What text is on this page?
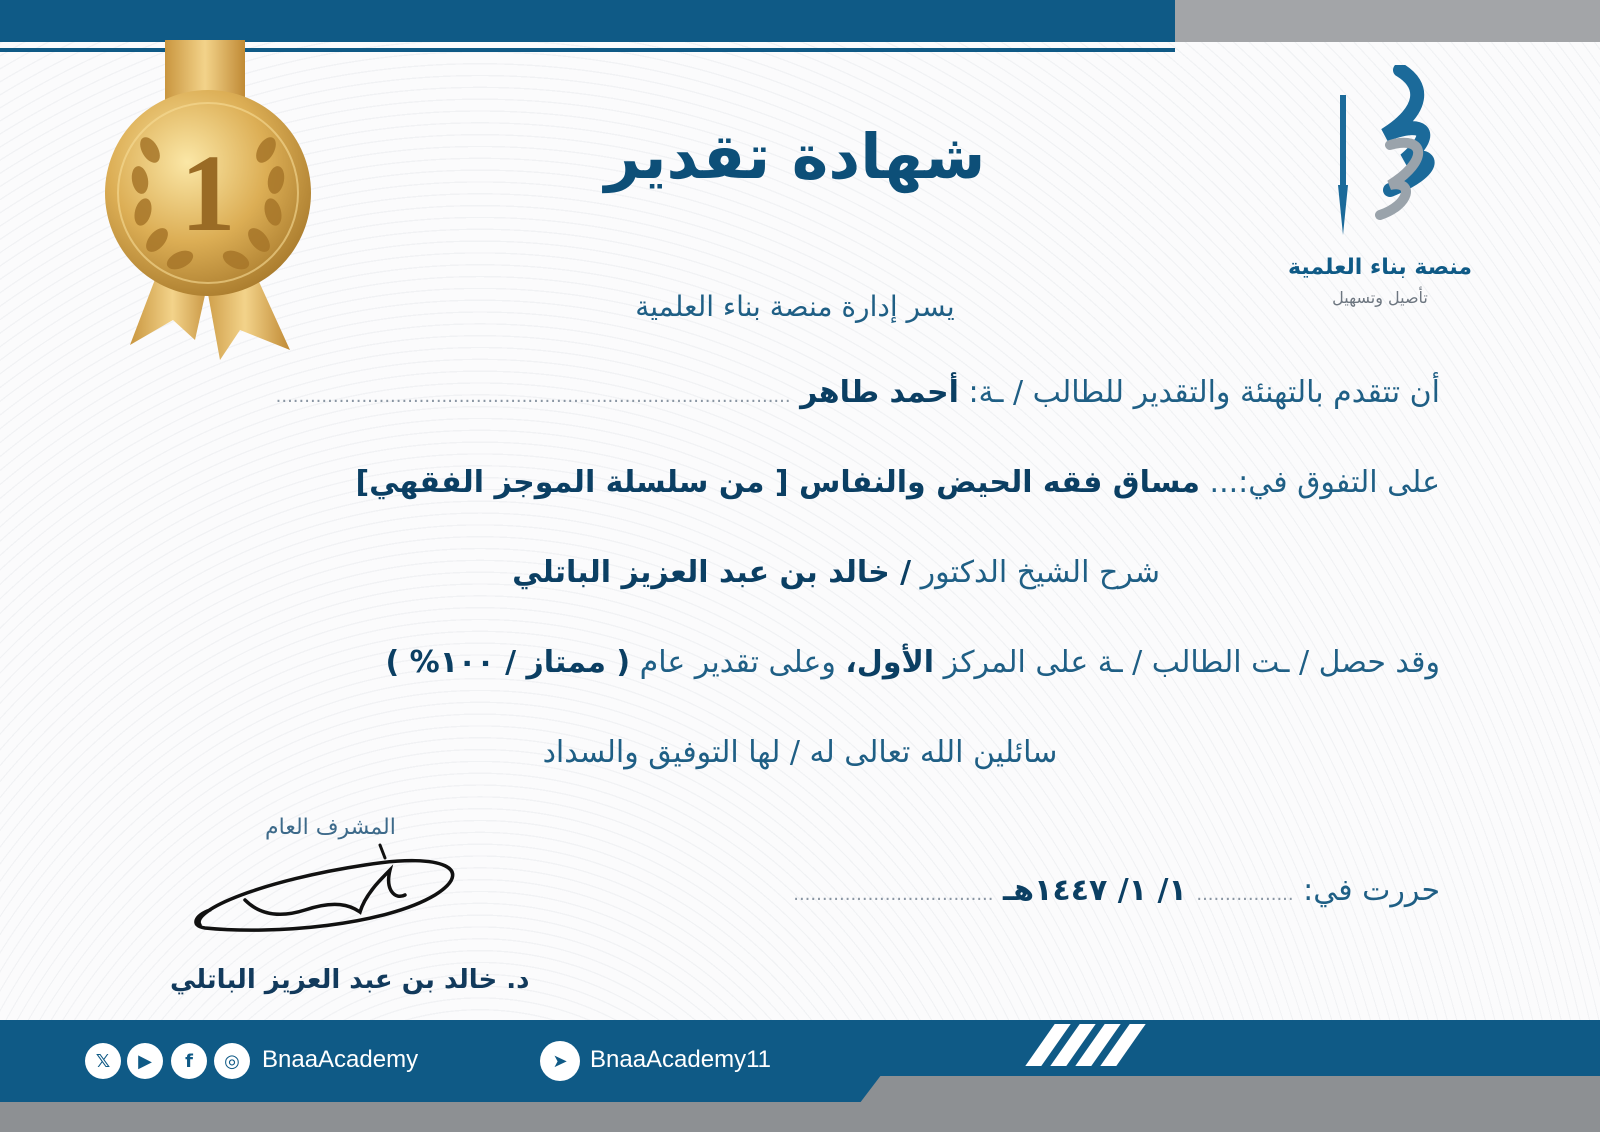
1
منصة بناء العلمية
تأصيل وتسهيل
شهادة تقدير
يسر إدارة منصة بناء العلمية
أن تتقدم بالتهنئة والتقدير للطالب / ـة: أحمد طاهر ..........................................................................................
على التفوق في:... مساق فقه الحيض والنفاس [ من سلسلة الموجز الفقهي]
شرح الشيخ الدكتور / خالد بن عبد العزيز الباتلي
وقد حصل / ـت الطالب / ـة على المركز الأول، وعلى تقدير عام ( ممتاز / ١٠٠% )
سائلين الله تعالى له / لها التوفيق والسداد
حررت في: ................. ١/ ١/ ١٤٤٧هـ ...................................
المشرف العام
د. خالد بن عبد العزيز الباتلي
𝕏	▶	f	◎ BnaaAcademy	➤ BnaaAcademy11
